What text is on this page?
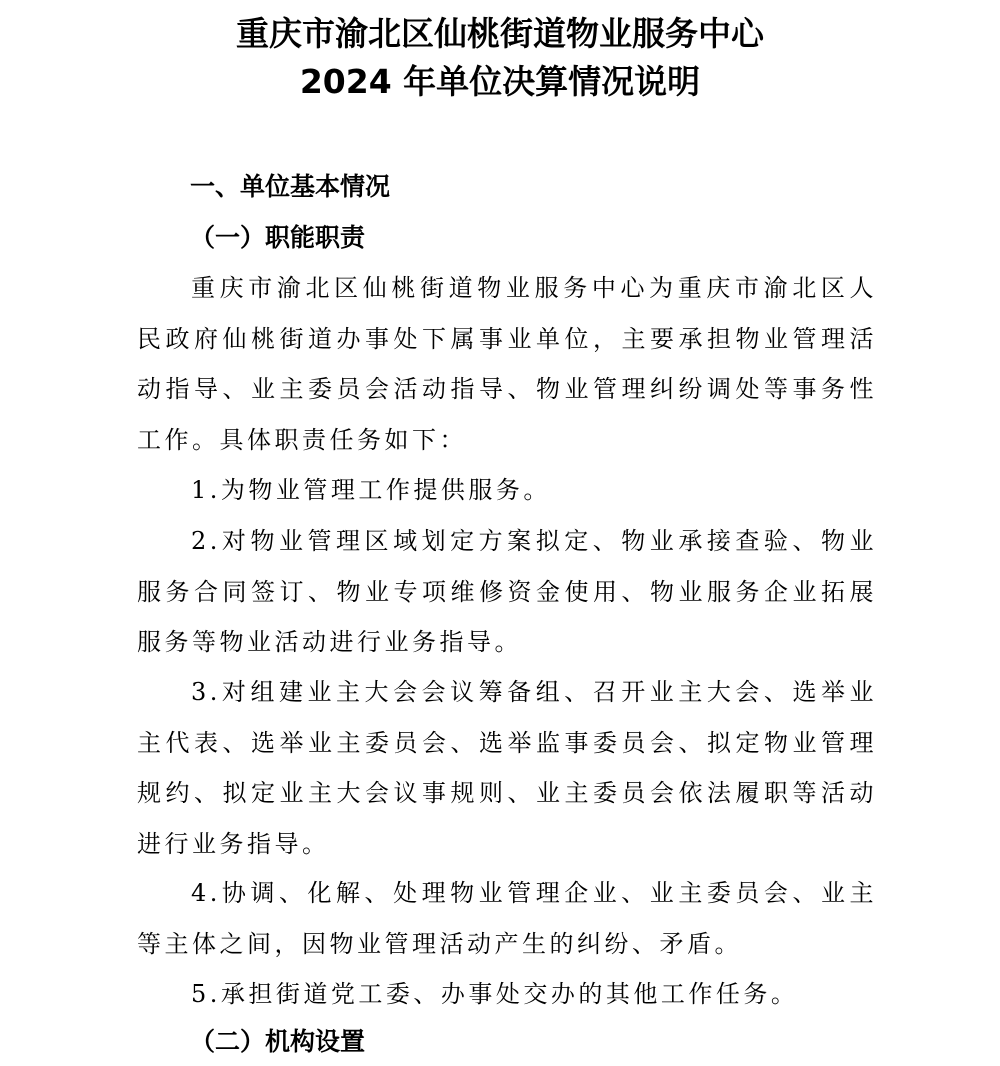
重庆市渝北区仙桃街道物业服务中心
2024 年单位决算情况说明
一、单位基本情况
（一）职能职责

重庆市渝北区仙桃街道物业服务中心为重庆市渝北区人民政府仙桃街道办事处下属事业单位，主要承担物业管理活动指导、业主委员会活动指导、物业管理纠纷调处等事务性工作。具体职责任务如下：

1.为物业管理工作提供服务。

2.对物业管理区域划定方案拟定、物业承接查验、物业服务合同签订、物业专项维修资金使用、物业服务企业拓展服务等物业活动进行业务指导。

3.对组建业主大会会议筹备组、召开业主大会、选举业主代表、选举业主委员会、选举监事委员会、拟定物业管理规约、拟定业主大会议事规则、业主委员会依法履职等活动进行业务指导。

4.协调、化解、处理物业管理企业、业主委员会、业主等主体之间，因物业管理活动产生的纠纷、矛盾。

5.承担街道党工委、办事处交办的其他工作任务。

（二）机构设置
